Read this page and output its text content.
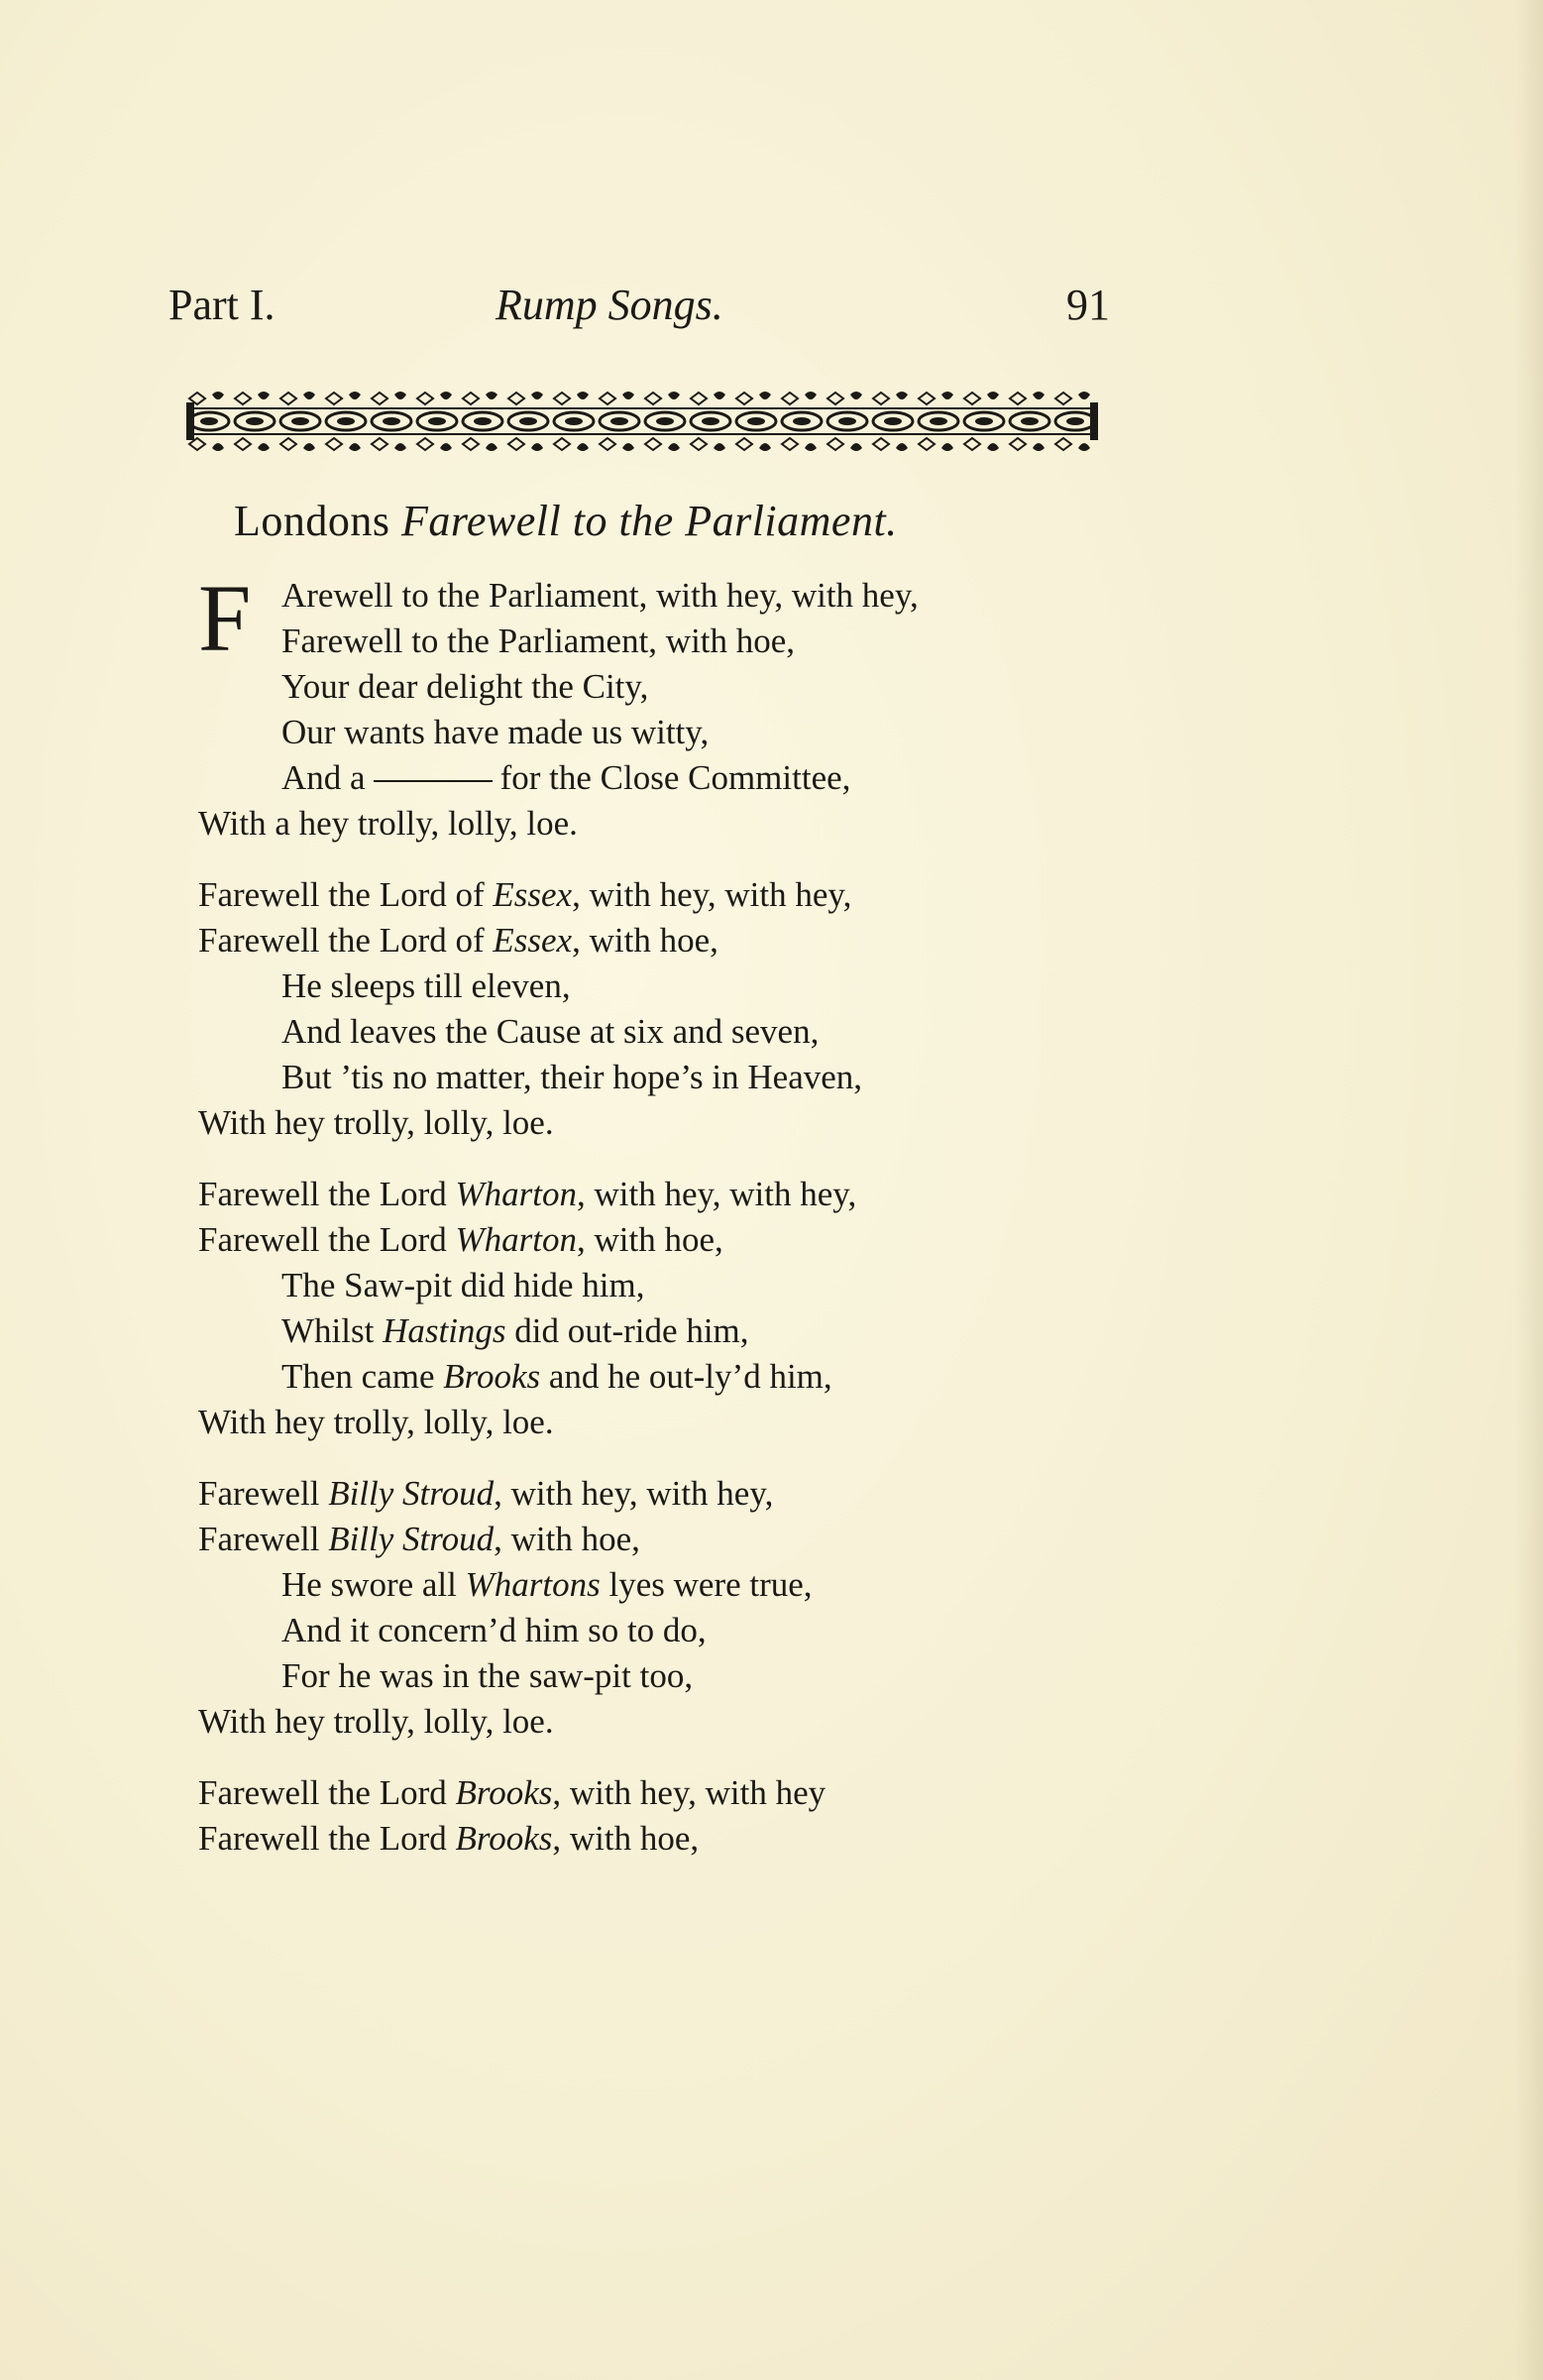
Part I.	Rump Songs.	91
Londons Farewell to the Parliament.
F Arewell to the Parliament, with hey, with hey,
Farewell to the Parliament, with hoe,
Your dear delight the City,
Our wants have made us witty,
And a	for the Close Committee,
With a hey trolly, lolly, loe.
Farewell the Lord of Essex, with hey, with hey,
Farewell the Lord of Essex, with hoe,
He sleeps till eleven,
And leaves the Cause at six and seven,
But ’tis no matter, their hope’s in Heaven,
With hey trolly, lolly, loe.
Farewell the Lord Wharton, with hey, with hey,
Farewell the Lord Wharton, with hoe,
The Saw-pit did hide him,
Whilst Hastings did out-ride him,
Then came Brooks and he out-ly’d him,
With hey trolly, lolly, loe.
Farewell Billy Stroud, with hey, with hey,
Farewell Billy Stroud, with hoe,
He swore all Whartons lyes were true,
And it concern’d him so to do,
For he was in the saw-pit too,
With hey trolly, lolly, loe.
Farewell the Lord Brooks, with hey, with hey
Farewell the Lord Brooks, with hoe,
